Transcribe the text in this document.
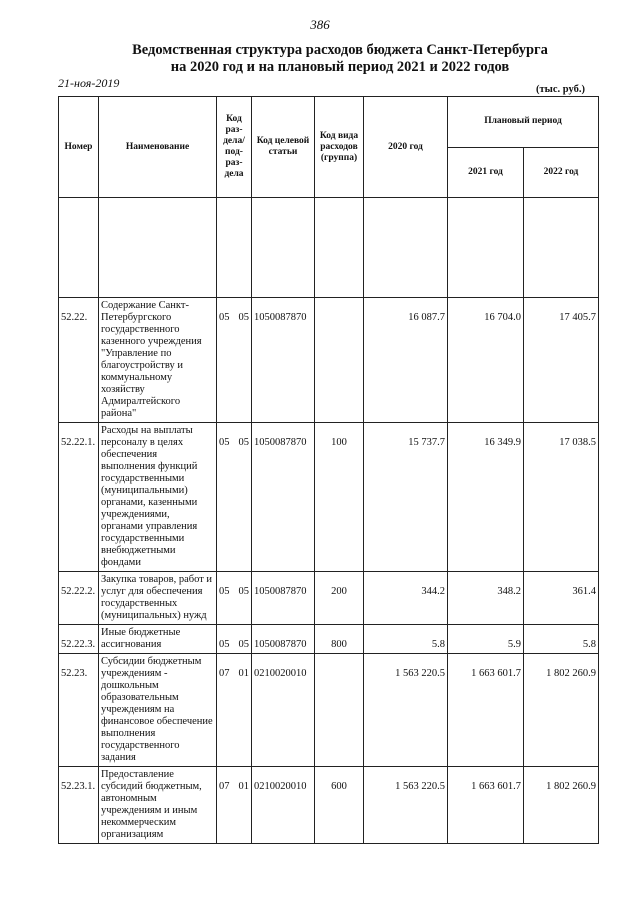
386
Ведомственная структура расходов бюджета Санкт-Петербурга
на 2020 год и на плановый период 2021 и 2022 годов
21-ноя-2019	(тыс. руб.)
Номер	Наименование	Код раз-дела/ под-раз-дела	Код целевой статьи	Код вида расходов (группа)	2020 год	Плановый период	
						2021 год	2022 год

52.22.	Содержание Санкт-Петербургского государственного казенного учреждения "Управление по благоустройству и коммунальному хозяйству Адмиралтейского района"	05 05	1050087870		16 087.7	16 704.0	17 405.7
52.22.1.	Расходы на выплаты персоналу в целях обеспечения выполнения функций государственными (муниципальными) органами, казенными учреждениями, органами управления государственными внебюджетными фондами	05 05	1050087870	100	15 737.7	16 349.9	17 038.5
52.22.2.	Закупка товаров, работ и услуг для обеспечения государственных (муниципальных) нужд	05 05	1050087870	200	344.2	348.2	361.4
52.22.3.	Иные бюджетные ассигнования	05 05	1050087870	800	5.8	5.9	5.8
52.23.	Субсидии бюджетным учреждениям - дошкольным образовательным учреждениям на финансовое обеспечение выполнения государственного задания	07 01	0210020010		1 563 220.5	1 663 601.7	1 802 260.9
52.23.1.	Предоставление субсидий бюджетным, автономным учреждениям и иным некоммерческим организациям	07 01	0210020010	600	1 563 220.5	1 663 601.7	1 802 260.9
